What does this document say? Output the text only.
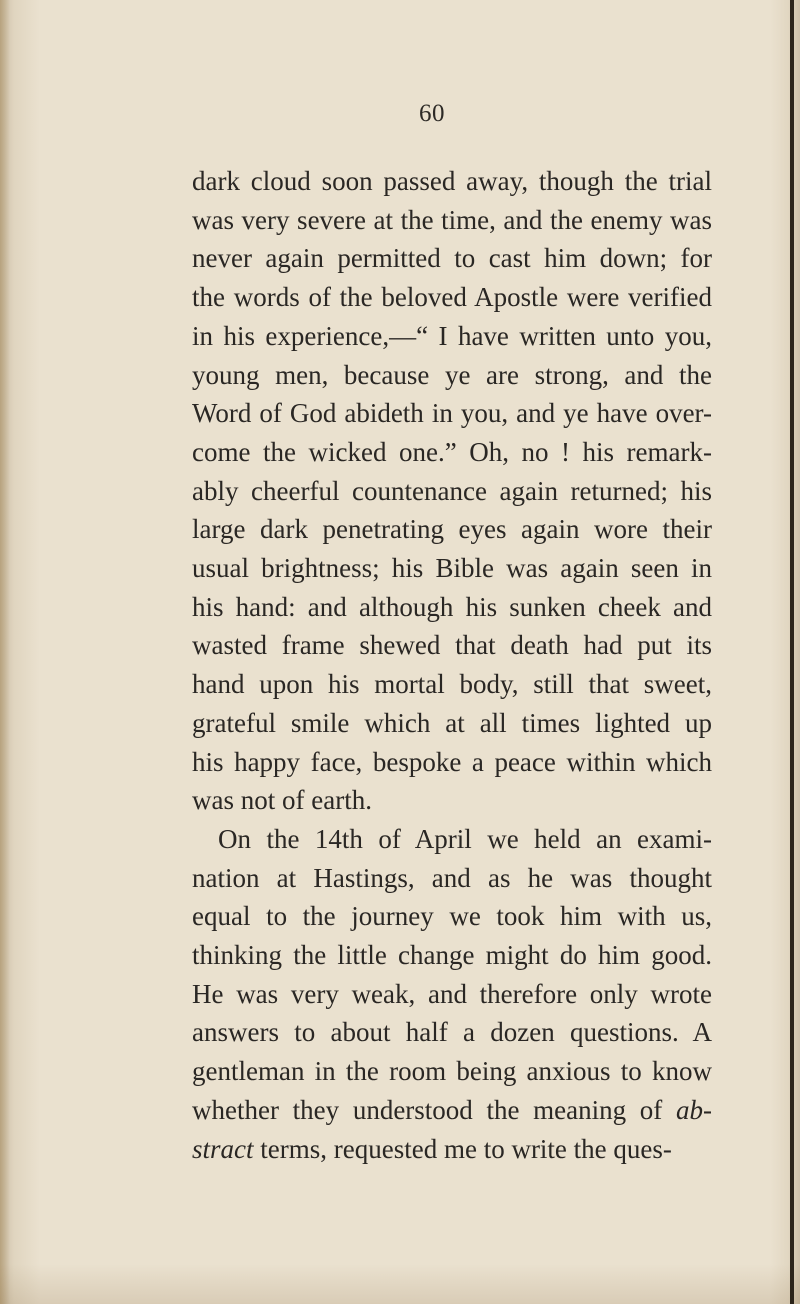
60
dark cloud soon passed away, though the trial
was very severe at the time, and the enemy was
never again permitted to cast him down; for
the words of the beloved Apostle were verified
in his experience,—“ I have written unto you,
young men, because ye are strong, and the
Word of God abideth in you, and ye have over-
come the wicked one.” Oh, no ! his remark-
ably cheerful countenance again returned; his
large dark penetrating eyes again wore their
usual brightness; his Bible was again seen in
his hand: and although his sunken cheek and
wasted frame shewed that death had put its
hand upon his mortal body, still that sweet,
grateful smile which at all times lighted up
his happy face, bespoke a peace within which
was not of earth.
On the 14th of April we held an exami-
nation at Hastings, and as he was thought
equal to the journey we took him with us,
thinking the little change might do him good.
He was very weak, and therefore only wrote
answers to about half a dozen questions. A
gentleman in the room being anxious to know
whether they understood the meaning of ab-
stract terms, requested me to write the ques-
